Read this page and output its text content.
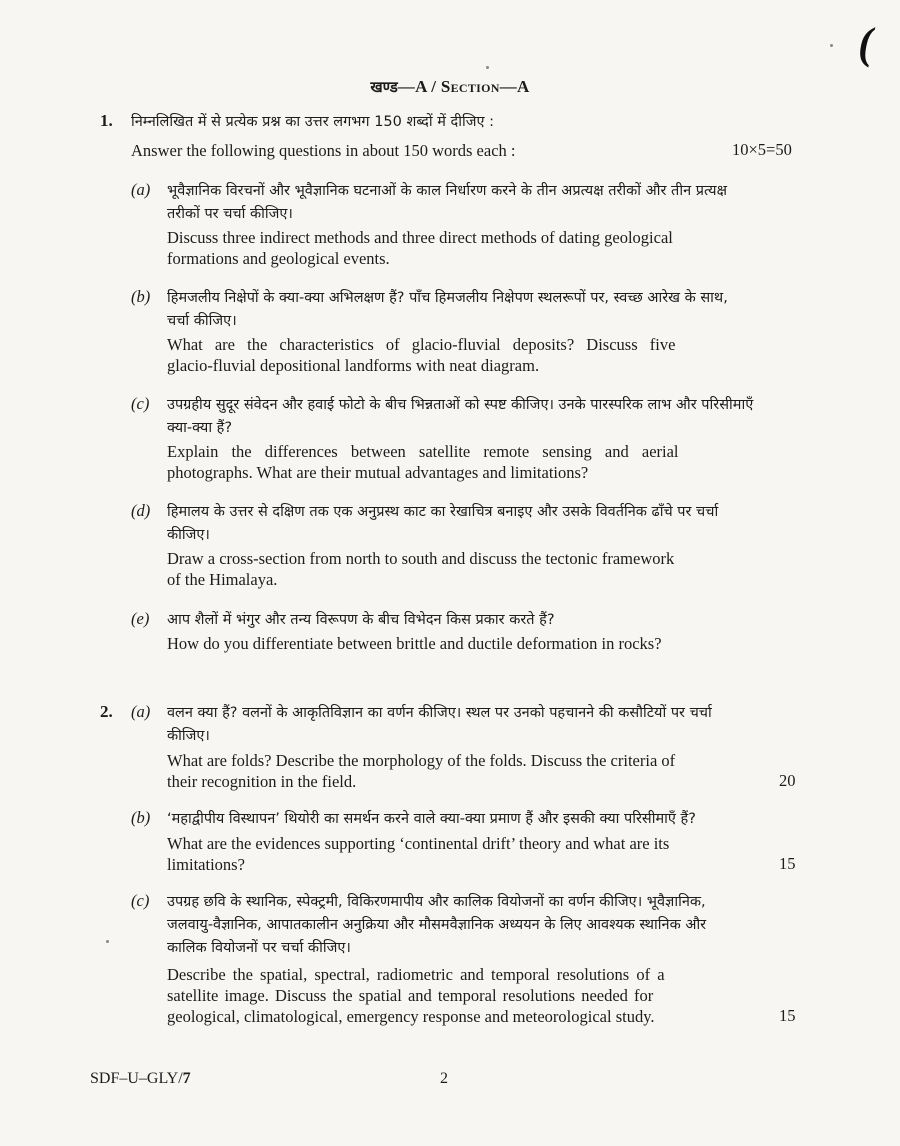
(
खण्ड—A / Section—A
1. निम्नलिखित में से प्रत्येक प्रश्न का उत्तर लगभग 150 शब्दों में दीजिए :
Answer the following questions in about 150 words each :	10×5=50
(a) भूवैज्ञानिक विरचनों और भूवैज्ञानिक घटनाओं के काल निर्धारण करने के तीन अप्रत्यक्ष तरीकों और तीन प्रत्यक्ष
तरीकों पर चर्चा कीजिए।
Discuss three indirect methods and three direct methods of dating geological
formations and geological events.
(b) हिमजलीय निक्षेपों के क्या-क्या अभिलक्षण हैं? पाँच हिमजलीय निक्षेपण स्थलरूपों पर, स्वच्छ आरेख के साथ,
चर्चा कीजिए।
What are the characteristics of glacio-fluvial deposits? Discuss five
glacio-fluvial depositional landforms with neat diagram.
(c) उपग्रहीय सुदूर संवेदन और हवाई फोटो के बीच भिन्नताओं को स्पष्ट कीजिए। उनके पारस्परिक लाभ और परिसीमाएँ
क्या-क्या हैं?
Explain the differences between satellite remote sensing and aerial
photographs. What are their mutual advantages and limitations?
(d) हिमालय के उत्तर से दक्षिण तक एक अनुप्रस्थ काट का रेखाचित्र बनाइए और उसके विवर्तनिक ढाँचे पर चर्चा
कीजिए।
Draw a cross-section from north to south and discuss the tectonic framework
of the Himalaya.
(e) आप शैलों में भंगुर और तन्य विरूपण के बीच विभेदन किस प्रकार करते हैं?
How do you differentiate between brittle and ductile deformation in rocks?
2. (a) वलन क्या हैं? वलनों के आकृतिविज्ञान का वर्णन कीजिए। स्थल पर उनको पहचानने की कसौटियों पर चर्चा
कीजिए।
What are folds? Describe the morphology of the folds. Discuss the criteria of
their recognition in the field.	20
(b) ‘महाद्वीपीय विस्थापन’ थियोरी का समर्थन करने वाले क्या-क्या प्रमाण हैं और इसकी क्या परिसीमाएँ हैं?
What are the evidences supporting ‘continental drift’ theory and what are its
limitations?	15
(c) उपग्रह छवि के स्थानिक, स्पेक्ट्रमी, विकिरणमापीय और कालिक वियोजनों का वर्णन कीजिए। भूवैज्ञानिक,
जलवायु-वैज्ञानिक, आपातकालीन अनुक्रिया और मौसमवैज्ञानिक अध्ययन के लिए आवश्यक स्थानिक और
कालिक वियोजनों पर चर्चा कीजिए।
Describe the spatial, spectral, radiometric and temporal resolutions of a
satellite image. Discuss the spatial and temporal resolutions needed for
geological, climatological, emergency response and meteorological study.	15
SDF–U–GLY/7	2
